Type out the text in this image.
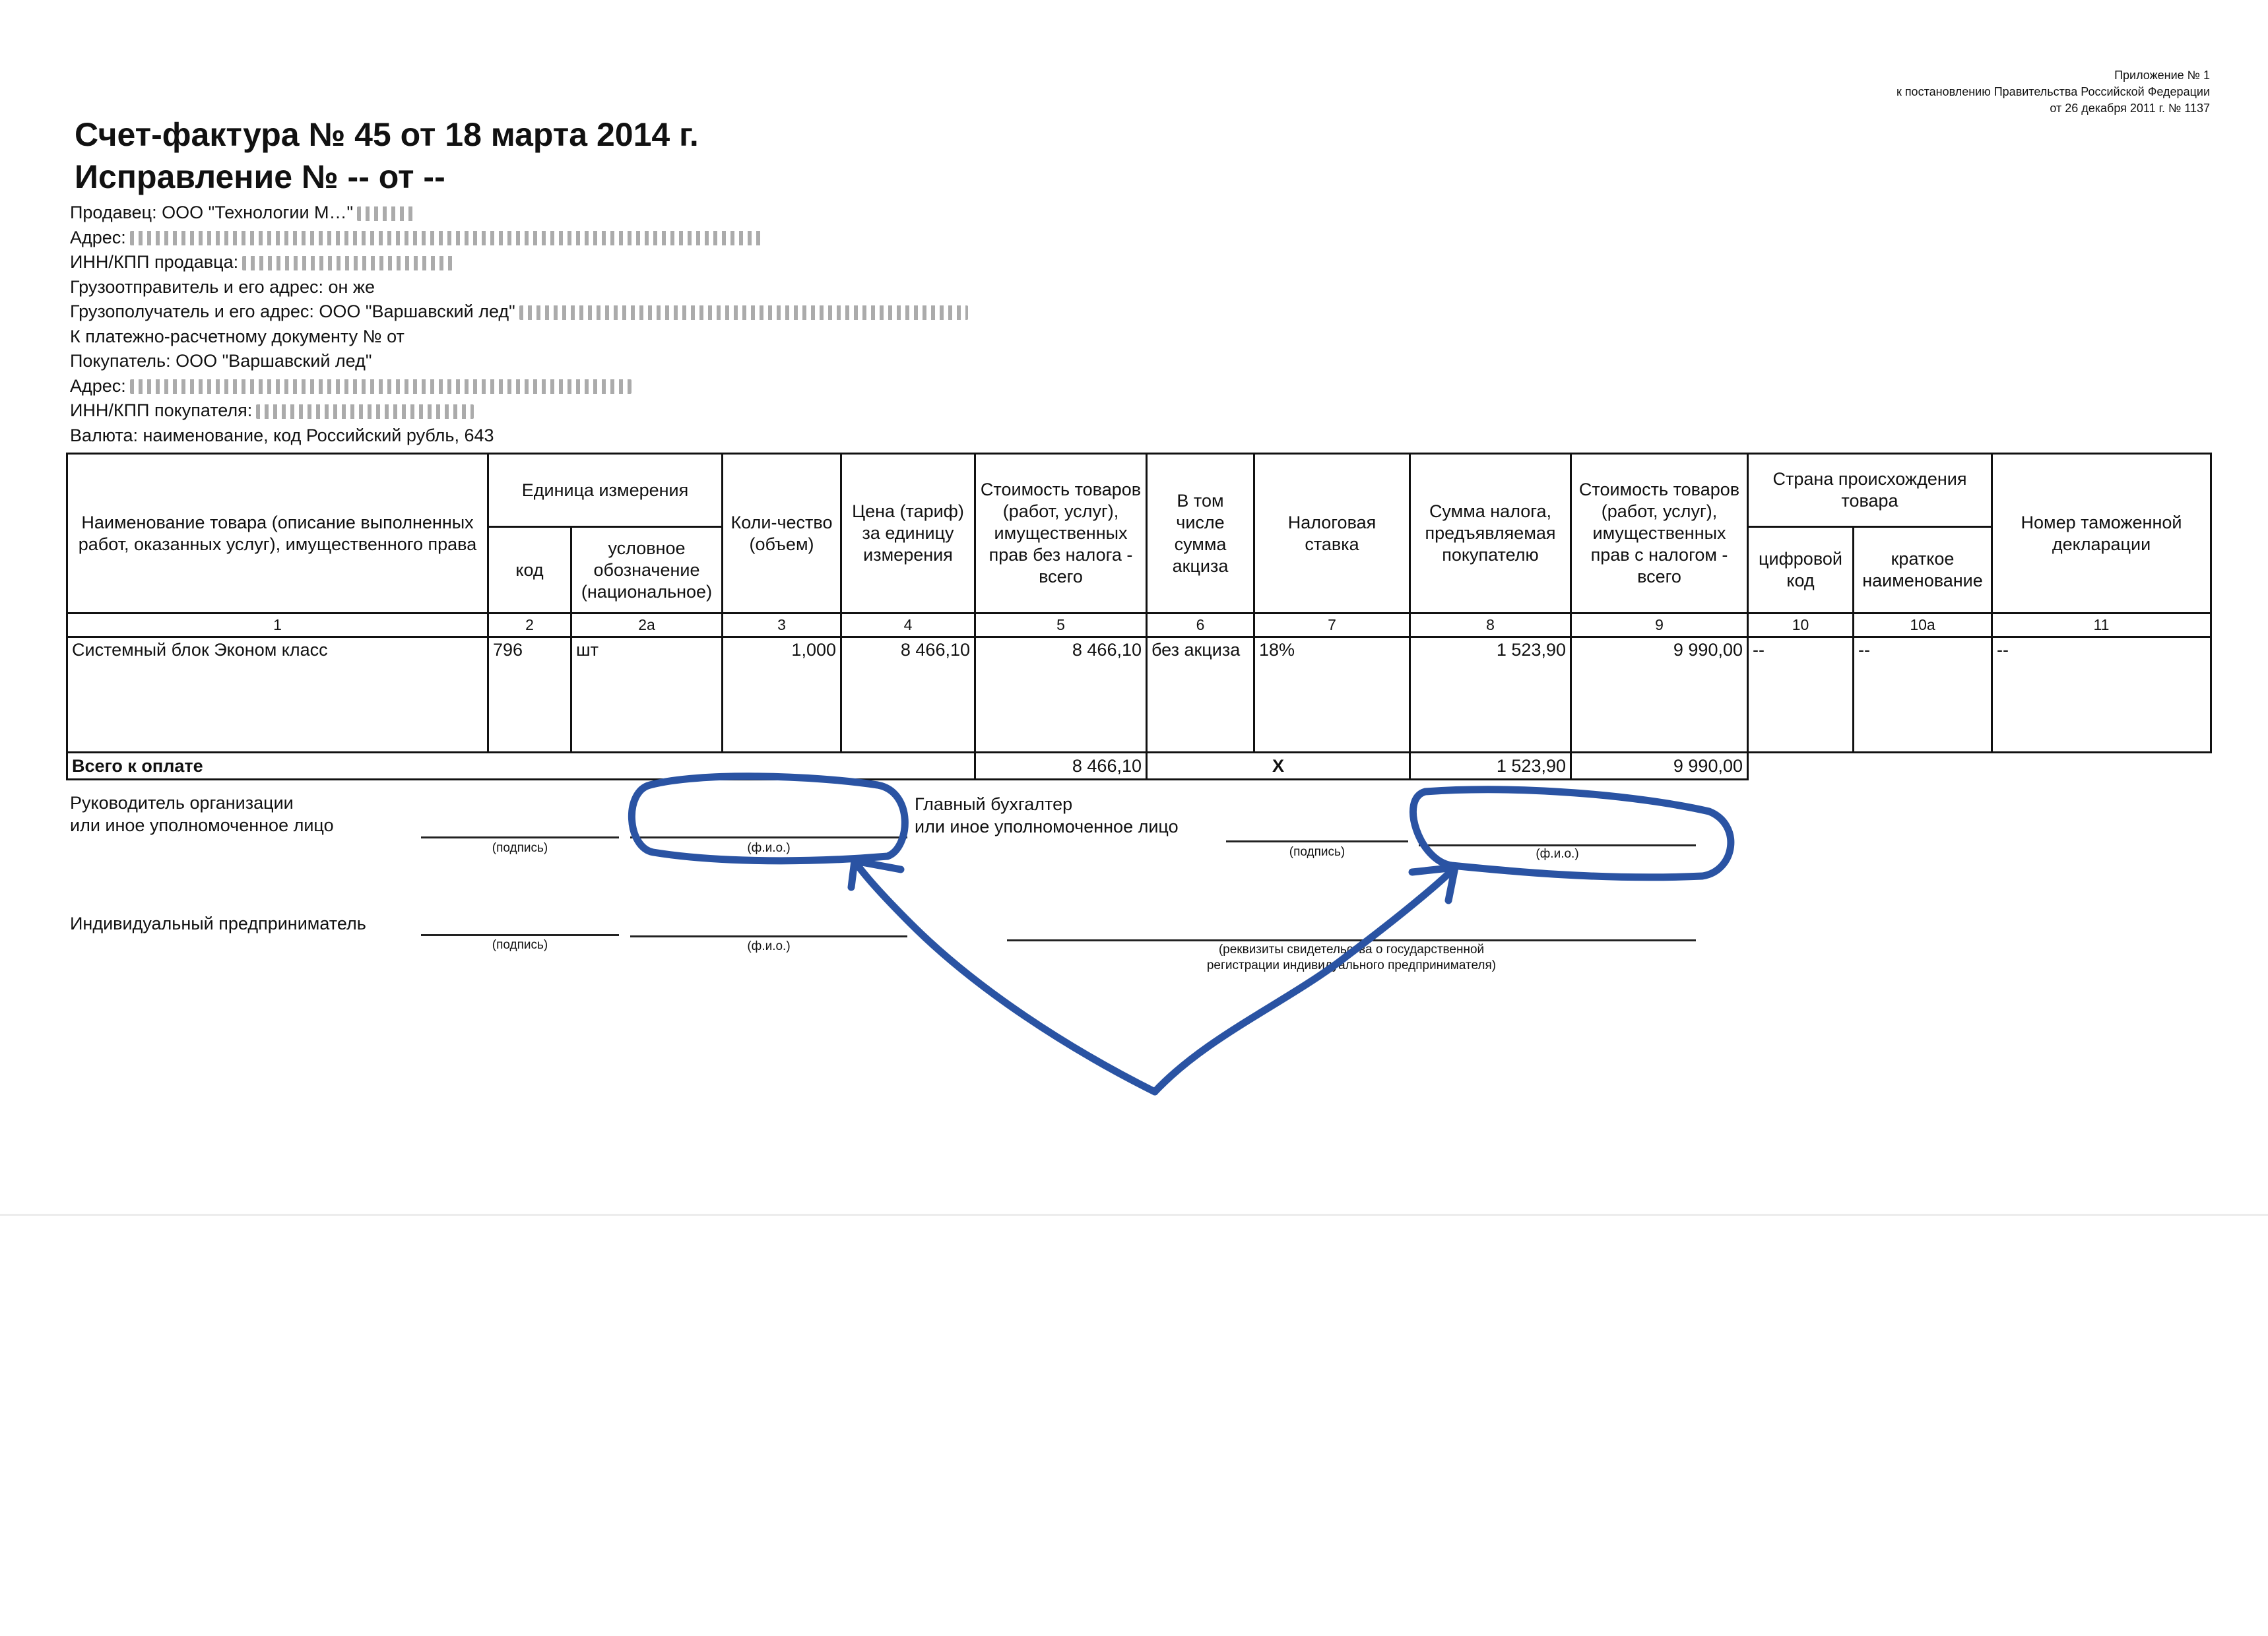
Приложение № 1
к постановлению Правительства Российской Федерации
от 26 декабря 2011 г. № 1137
Счет-фактура № 45 от 18 марта 2014 г.
Исправление № -- от --
Продавец: ООО "Технологии М…"
Адрес:
ИНН/КПП продавца:
Грузоотправитель и его адрес: он же
Грузополучатель и его адрес: ООО "Варшавский лед"
К платежно-расчетному документу № от
Покупатель: ООО "Варшавский лед"
Адрес:
ИНН/КПП покупателя:
Валюта: наименование, код Российский рубль, 643
Наименование товара (описание выполненных работ, оказанных услуг), имущественного права	Единица измерения		Коли-чество (объем)	Цена (тариф) за единицу измерения	Стоимость товаров (работ, услуг), имущественных прав без налога - всего	В том числе сумма акциза	Налоговая ставка	Сумма налога, предъявляемая покупателю	Стоимость товаров (работ, услуг), имущественных прав с налогом - всего	Страна происхождения товара		Номер таможенной декларации
	код	условное обозначение (национальное)								цифровой код	краткое наименование	
1	2	2а	3	4	5	6	7	8	9	10	10а	11
Системный блок Эконом класс	796	шт	1,000	8 466,10	8 466,10	без акциза	18%	1 523,90	9 990,00	--	--	--
Всего к оплате					8 466,10	X		1 523,90	9 990,00			
Руководитель организации
или иное уполномоченное лицо
(подпись)	(ф.и.о.)
Главный бухгалтер
или иное уполномоченное лицо
(подпись)	(ф.и.о.)
Индивидуальный предприниматель
(подпись)	(ф.и.о.)	(реквизиты свидетельства о государственной
регистрации индивидуального предпринимателя)
